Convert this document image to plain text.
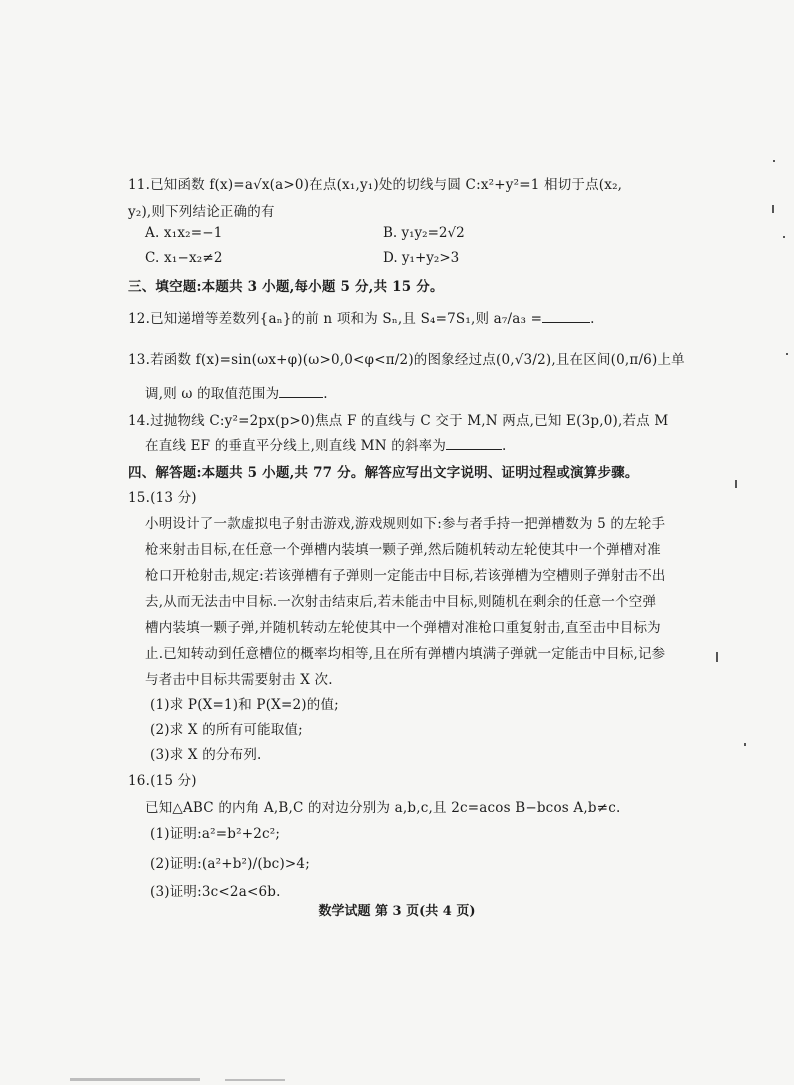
11.已知函数 f(x)=a√x(a>0)在点(x₁,y₁)处的切线与圆 C:x²+y²=1 相切于点(x₂,
y₂),则下列结论正确的有
A. x₁x₂=−1	B. y₁y₂=2√2
C. x₁−x₂≠2	D. y₁+y₂>3
三、填空题:本题共 3 小题,每小题 5 分,共 15 分。
12.已知递增等差数列{aₙ}的前 n 项和为 Sₙ,且 S₄=7S₁,则 a₇/a₃ =	.
13.若函数 f(x)=sin(ωx+φ)(ω>0,0<φ<π/2)的图象经过点(0,√3/2),且在区间(0,π/6)上单
调,则 ω 的取值范围为	.
14.过抛物线 C:y²=2px(p>0)焦点 F 的直线与 C 交于 M,N 两点,已知 E(3p,0),若点 M
在直线 EF 的垂直平分线上,则直线 MN 的斜率为	.
四、解答题:本题共 5 小题,共 77 分。解答应写出文字说明、证明过程或演算步骤。
15.(13 分)
小明设计了一款虚拟电子射击游戏,游戏规则如下:参与者手持一把弹槽数为 5 的左轮手
枪来射击目标,在任意一个弹槽内装填一颗子弹,然后随机转动左轮使其中一个弹槽对准
枪口开枪射击,规定:若该弹槽有子弹则一定能击中目标,若该弹槽为空槽则子弹射击不出
去,从而无法击中目标.一次射击结束后,若未能击中目标,则随机在剩余的任意一个空弹
槽内装填一颗子弹,并随机转动左轮使其中一个弹槽对准枪口重复射击,直至击中目标为
止.已知转动到任意槽位的概率均相等,且在所有弹槽内填满子弹就一定能击中目标,记参
与者击中目标共需要射击 X 次.
(1)求 P(X=1)和 P(X=2)的值;
(2)求 X 的所有可能取值;
(3)求 X 的分布列.
16.(15 分)
已知△ABC 的内角 A,B,C 的对边分别为 a,b,c,且 2c=acos B−bcos A,b≠c.
(1)证明:a²=b²+2c²;
(2)证明:(a²+b²)/(bc)>4;
(3)证明:3c<2a<6b.
数学试题 第 3 页(共 4 页)
